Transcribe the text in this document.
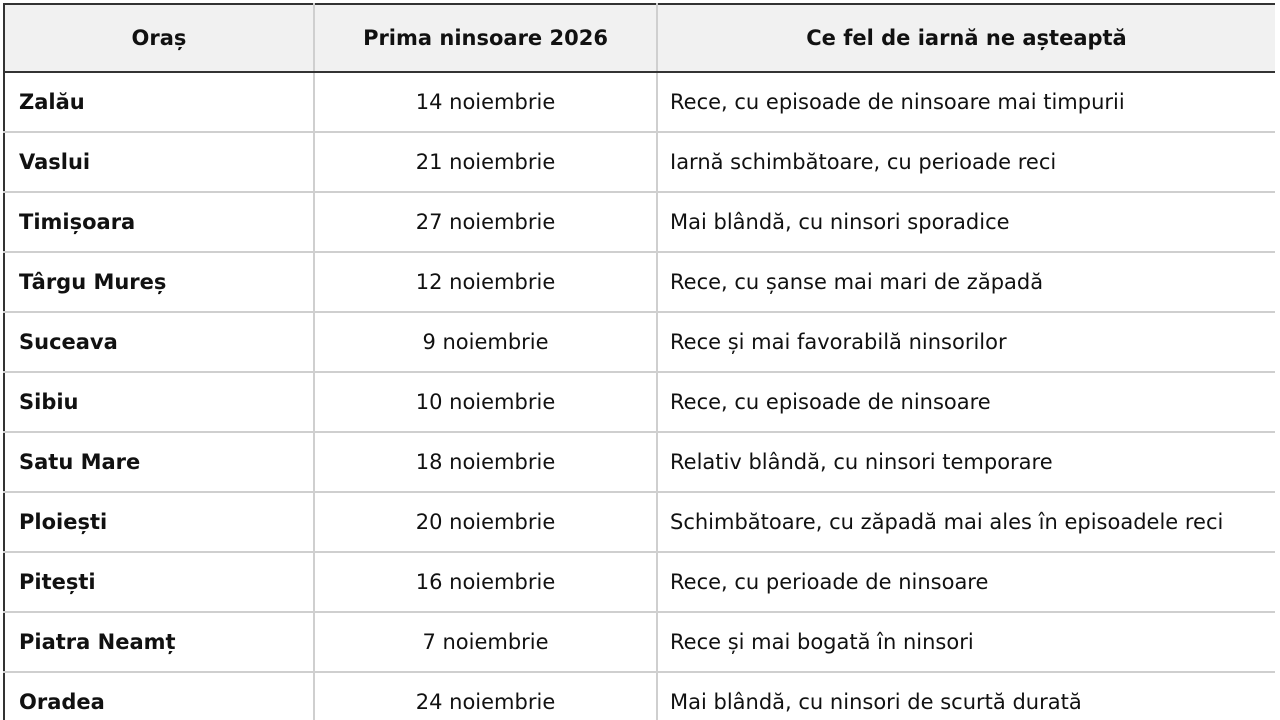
Oraș	Prima ninsoare 2026	Ce fel de iarnă ne așteaptă
Zalău	14 noiembrie	Rece, cu episoade de ninsoare mai timpurii
Vaslui	21 noiembrie	Iarnă schimbătoare, cu perioade reci
Timișoara	27 noiembrie	Mai blândă, cu ninsori sporadice
Târgu Mureș	12 noiembrie	Rece, cu șanse mai mari de zăpadă
Suceava	9 noiembrie	Rece și mai favorabilă ninsorilor
Sibiu	10 noiembrie	Rece, cu episoade de ninsoare
Satu Mare	18 noiembrie	Relativ blândă, cu ninsori temporare
Ploiești	20 noiembrie	Schimbătoare, cu zăpadă mai ales în episoadele reci
Pitești	16 noiembrie	Rece, cu perioade de ninsoare
Piatra Neamț	7 noiembrie	Rece și mai bogată în ninsori
Oradea	24 noiembrie	Mai blândă, cu ninsori de scurtă durată
